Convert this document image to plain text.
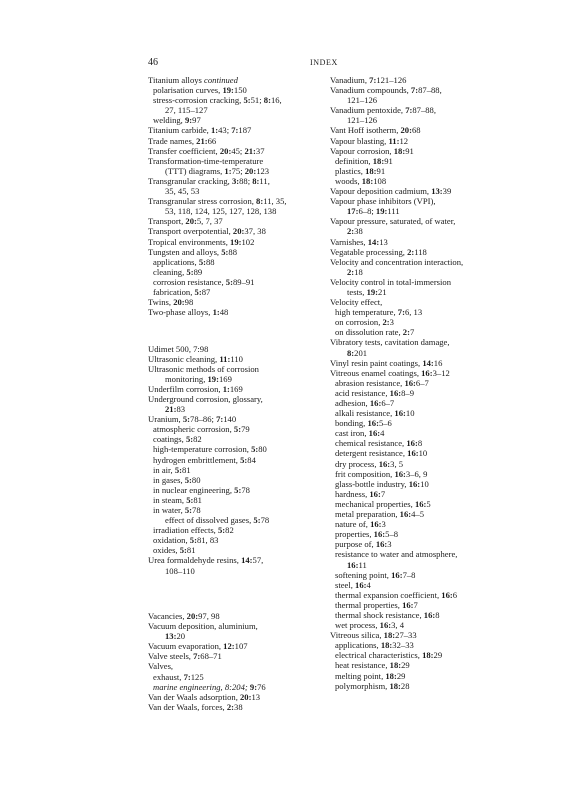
46	INDEX
Titanium alloys continued
polarisation curves, 19:150
stress-corrosion cracking, 5:51; 8:16,
27, 115–127
welding, 9:97
Titanium carbide, 1:43; 7:187
Trade names, 21:66
Transfer coefficient, 20:45; 21:37
Transformation-time-temperature
(TTT) diagrams, 1:75; 20:123
Transgranular cracking, 3:88; 8:11,
35, 45, 53
Transgranular stress corrosion, 8:11, 35,
53, 118, 124, 125, 127, 128, 138
Transport, 20:5, 7, 37
Transport overpotential, 20:37, 38
Tropical environments, 19:102
Tungsten and alloys, 5:88
applications, 5:88
cleaning, 5:89
corrosion resistance, 5:89–91
fabrication, 5:87
Twins, 20:98
Two-phase alloys, 1:48
Udimet 500, 7:98
Ultrasonic cleaning, 11:110
Ultrasonic methods of corrosion
monitoring, 19:169
Underfilm corrosion, 1:169
Underground corrosion, glossary,
21:83
Uranium, 5:78–86; 7:140
atmospheric corrosion, 5:79
coatings, 5:82
high-temperature corrosion, 5:80
hydrogen embrittlement, 5:84
in air, 5:81
in gases, 5:80
in nuclear engineering, 5:78
in steam, 5:81
in water, 5:78
effect of dissolved gases, 5:78
irradiation effects, 5:82
oxidation, 5:81, 83
oxides, 5:81
Urea formaldehyde resins, 14:57,
108–110
Vacancies, 20:97, 98
Vacuum deposition, aluminium,
13:20
Vacuum evaporation, 12:107
Valve steels, 7:68–71
Valves,
exhaust, 7:125
marine engineering, 8:204; 9:76
Van der Waals adsorption, 20:13
Van der Waals, forces, 2:38
Vanadium, 7:121–126
Vanadium compounds, 7:87–88,
121–126
Vanadium pentoxide, 7:87–88,
121–126
Vant Hoff isotherm, 20:68
Vapour blasting, 11:12
Vapour corrosion, 18:91
definition, 18:91
plastics, 18:91
woods, 18:108
Vapour deposition cadmium, 13:39
Vapour phase inhibitors (VPI),
17:6–8; 19:111
Vapour pressure, saturated, of water,
2:38
Varnishes, 14:13
Vegatable processing, 2:118
Velocity and concentration interaction,
2:18
Velocity control in total-immersion
tests, 19:21
Velocity effect,
high temperature, 7:6, 13
on corrosion, 2:3
on dissolution rate, 2:7
Vibratory tests, cavitation damage,
8:201
Vinyl resin paint coatings, 14:16
Vitreous enamel coatings, 16:3–12
abrasion resistance, 16:6–7
acid resistance, 16:8–9
adhesion, 16:6–7
alkali resistance, 16:10
bonding, 16:5–6
cast iron, 16:4
chemical resistance, 16:8
detergent resistance, 16:10
dry process, 16:3, 5
frit composition, 16:3–6, 9
glass-bottle industry, 16:10
hardness, 16:7
mechanical properties, 16:5
metal preparation, 16:4–5
nature of, 16:3
properties, 16:5–8
purpose of, 16:3
resistance to water and atmosphere,
16:11
softening point, 16:7–8
steel, 16:4
thermal expansion coefficient, 16:6
thermal properties, 16:7
thermal shock resistance, 16:8
wet process, 16:3, 4
Vitreous silica, 18:27–33
applications, 18:32–33
electrical characteristics, 18:29
heat resistance, 18:29
melting point, 18:29
polymorphism, 18:28
